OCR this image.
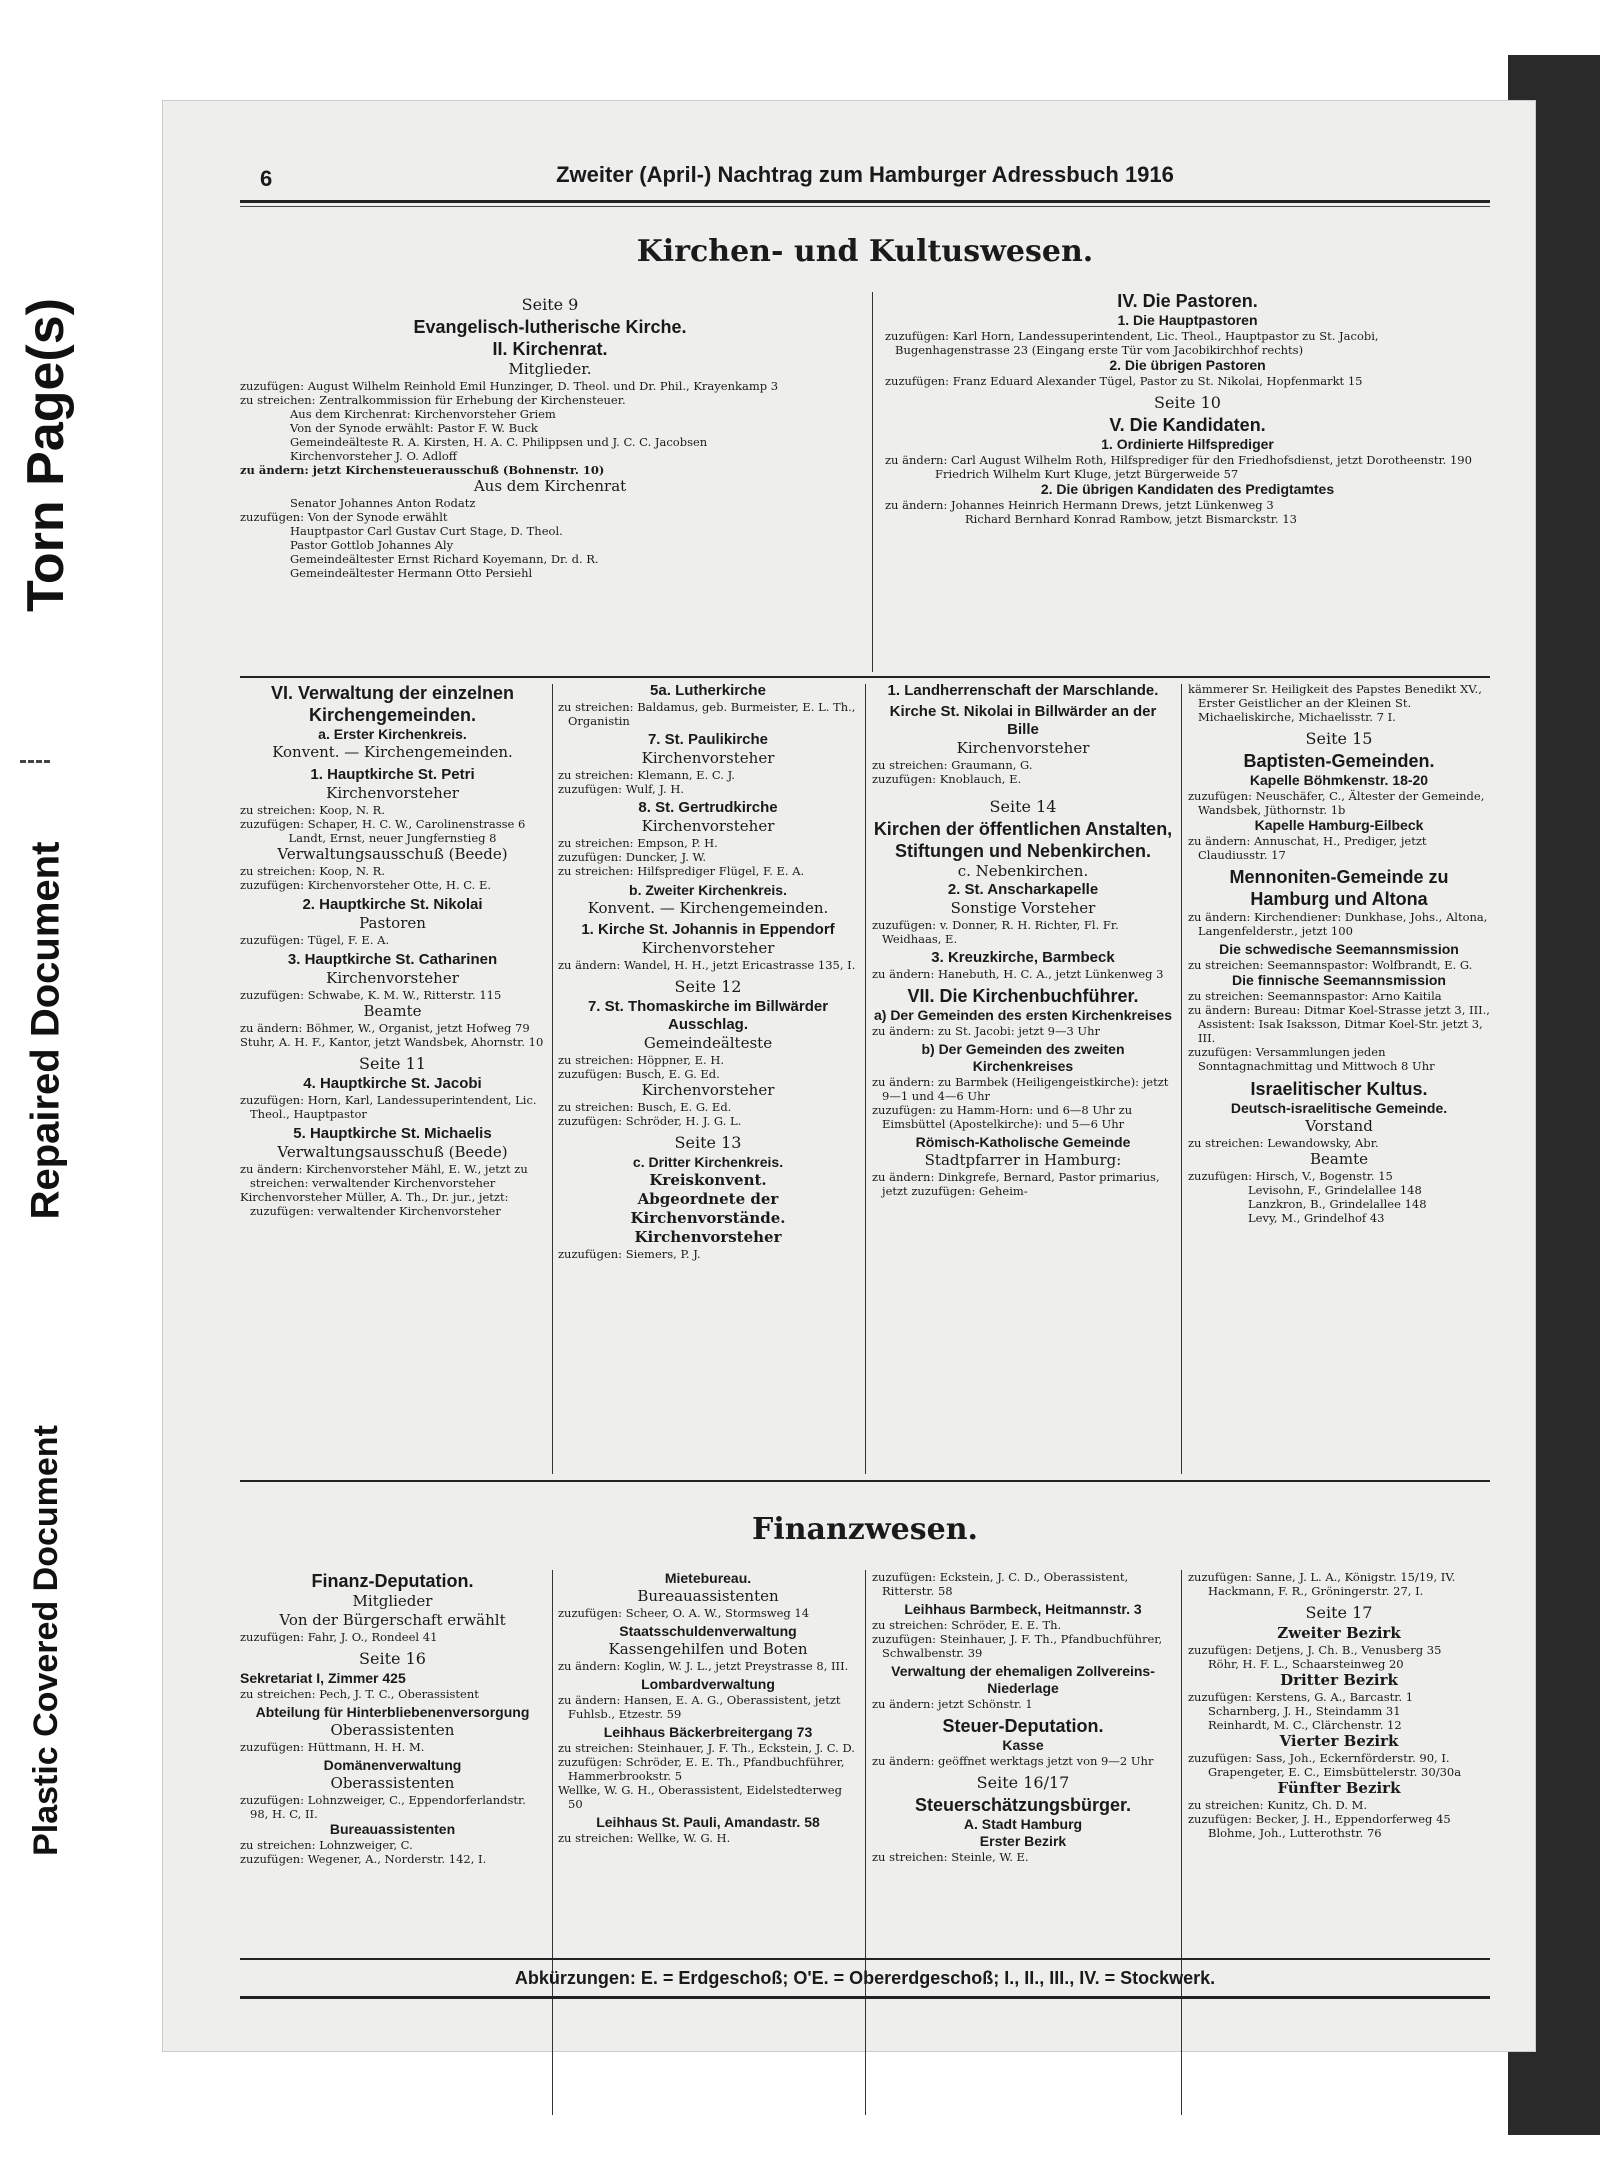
Torn Page(s)
Repaired Document
Plastic Covered Document
Zweiter (April-) Nachtrag zum Hamburger Adressbuch 1916
6
Kirchen- und Kultuswesen.
Seite 9
Evangelisch-lutherische Kirche.
II. Kirchenrat.
Mitglieder.

zuzufügen: August Wilhelm Reinhold Emil Hunzinger, D. Theol. und Dr. Phil., Krayenkamp 3

zu streichen: Zentralkommission für Erhebung der Kirchensteuer.

Aus dem Kirchenrat: Kirchenvorsteher Griem

Von der Synode erwählt: Pastor F. W. Buck

Gemeindeälteste R. A. Kirsten, H. A. C. Philippsen und J. C. C. Jacobsen

Kirchenvorsteher J. O. Adloff

zu ändern: jetzt Kirchensteuerausschuß (Bohnenstr. 10)

Aus dem Kirchenrat

Senator Johannes Anton Rodatz

zuzufügen: Von der Synode erwählt

Hauptpastor Carl Gustav Curt Stage, D. Theol.

Pastor Gottlob Johannes Aly

Gemeindeältester Ernst Richard Koyemann, Dr. d. R.

Gemeindeältester Hermann Otto Persiehl

IV. Die Pastoren.
1. Die Hauptpastoren

zuzufügen: Karl Horn, Landessuperintendent, Lic. Theol., Hauptpastor zu St. Jacobi, Bugenhagenstrasse 23 (Eingang erste Tür vom Jacobikirchhof rechts)

2. Die übrigen Pastoren

zuzufügen: Franz Eduard Alexander Tügel, Pastor zu St. Nikolai, Hopfenmarkt 15

Seite 10
V. Die Kandidaten.
1. Ordinierte Hilfsprediger

zu ändern: Carl August Wilhelm Roth, Hilfsprediger für den Friedhofsdienst, jetzt Dorotheenstr. 190

Friedrich Wilhelm Kurt Kluge, jetzt Bürgerweide 57

2. Die übrigen Kandidaten des Predigtamtes

zu ändern: Johannes Heinrich Hermann Drews, jetzt Lünkenweg 3

Richard Bernhard Konrad Rambow, jetzt Bismarckstr. 13

VI. Verwaltung der einzelnen Kirchengemeinden.
a. Erster Kirchenkreis.
Konvent. — Kirchengemeinden.
1. Hauptkirche St. Petri
Kirchenvorsteher

zu streichen: Koop, N. R.

zuzufügen: Schaper, H. C. W., Carolinenstrasse 6

Landt, Ernst, neuer Jungfernstieg 8

Verwaltungsausschuß (Beede)

zu streichen: Koop, N. R.

zuzufügen: Kirchenvorsteher Otte, H. C. E.

2. Hauptkirche St. Nikolai
Pastoren

zuzufügen: Tügel, F. E. A.

3. Hauptkirche St. Catharinen
Kirchenvorsteher

zuzufügen: Schwabe, K. M. W., Ritterstr. 115

Beamte

zu ändern: Böhmer, W., Organist, jetzt Hofweg 79

Stuhr, A. H. F., Kantor, jetzt Wandsbek, Ahornstr. 10

Seite 11
4. Hauptkirche St. Jacobi

zuzufügen: Horn, Karl, Landessuperintendent, Lic. Theol., Hauptpastor

5. Hauptkirche St. Michaelis
Verwaltungsausschuß (Beede)

zu ändern: Kirchenvorsteher Mähl, E. W., jetzt zu streichen: verwaltender Kirchenvorsteher

Kirchenvorsteher Müller, A. Th., Dr. jur., jetzt: zuzufügen: verwaltender Kirchenvorsteher

5a. Lutherkirche

zu streichen: Baldamus, geb. Burmeister, E. L. Th., Organistin

7. St. Paulikirche
Kirchenvorsteher

zu streichen: Klemann, E. C. J.

zuzufügen: Wulf, J. H.

8. St. Gertrudkirche
Kirchenvorsteher

zu streichen: Empson, P. H.

zuzufügen: Duncker, J. W.

zu streichen: Hilfsprediger Flügel, F. E. A.

b. Zweiter Kirchenkreis.
Konvent. — Kirchengemeinden.
1. Kirche St. Johannis in Eppendorf
Kirchenvorsteher

zu ändern: Wandel, H. H., jetzt Ericastrasse 135, I.

Seite 12
7. St. Thomaskirche im Billwärder Ausschlag.
Gemeindeälteste

zu streichen: Höppner, E. H.

zuzufügen: Busch, E. G. Ed.

Kirchenvorsteher

zu streichen: Busch, E. G. Ed.

zuzufügen: Schröder, H. J. G. L.

Seite 13
c. Dritter Kirchenkreis.
Kreiskonvent.
Abgeordnete der Kirchenvorstände.
Kirchenvorsteher

zuzufügen: Siemers, P. J.

1. Landherrenschaft der Marschlande.
Kirche St. Nikolai in Billwärder an der Bille
Kirchenvorsteher

zu streichen: Graumann, G.

zuzufügen: Knoblauch, E.

Seite 14
Kirchen der öffentlichen Anstalten, Stiftungen und Nebenkirchen.
c. Nebenkirchen.
2. St. Anscharkapelle
Sonstige Vorsteher

zuzufügen: v. Donner, R. H. Richter, Fl. Fr. Weidhaas, E.

3. Kreuzkirche, Barmbeck

zu ändern: Hanebuth, H. C. A., jetzt Lünkenweg 3

VII. Die Kirchenbuchführer.
a) Der Gemeinden des ersten Kirchenkreises

zu ändern: zu St. Jacobi: jetzt 9—3 Uhr

b) Der Gemeinden des zweiten Kirchenkreises

zu ändern: zu Barmbek (Heiligengeistkirche): jetzt 9—1 und 4—6 Uhr

zuzufügen: zu Hamm-Horn: und 6—8 Uhr zu Eimsbüttel (Apostelkirche): und 5—6 Uhr

Römisch-Katholische Gemeinde
Stadtpfarrer in Hamburg:

zu ändern: Dinkgrefe, Bernard, Pastor primarius, jetzt zuzufügen: Geheim-

kämmerer Sr. Heiligkeit des Papstes Benedikt XV., Erster Geistlicher an der Kleinen St. Michaeliskirche, Michaelisstr. 7 I.

Seite 15
Baptisten-Gemeinden.
Kapelle Böhmkenstr. 18-20

zuzufügen: Neuschäfer, C., Ältester der Gemeinde, Wandsbek, Jüthornstr. 1b

Kapelle Hamburg-Eilbeck

zu ändern: Annuschat, H., Prediger, jetzt Claudiusstr. 17

Mennoniten-Gemeinde zu Hamburg und Altona

zu ändern: Kirchendiener: Dunkhase, Johs., Altona, Langenfelderstr., jetzt 100

Die schwedische Seemannsmission

zu streichen: Seemannspastor: Wolfbrandt, E. G.

Die finnische Seemannsmission

zu streichen: Seemannspastor: Arno Kaitila

zu ändern: Bureau: Ditmar Koel-Strasse jetzt 3, III., Assistent: Isak Isaksson, Ditmar Koel-Str. jetzt 3, III.

zuzufügen: Versammlungen jeden Sonntagnachmittag und Mittwoch 8 Uhr

Israelitischer Kultus.
Deutsch-israelitische Gemeinde.
Vorstand

zu streichen: Lewandowsky, Abr.

Beamte

zuzufügen: Hirsch, V., Bogenstr. 15

Levisohn, F., Grindelallee 148

Lanzkron, B., Grindelallee 148

Levy, M., Grindelhof 43

Finanzwesen.
Finanz-Deputation.
Mitglieder
Von der Bürgerschaft erwählt

zuzufügen: Fahr, J. O., Rondeel 41

Seite 16
Sekretariat I, Zimmer 425

zu streichen: Pech, J. T. C., Oberassistent

Abteilung für Hinterbliebenenversorgung
Oberassistenten

zuzufügen: Hüttmann, H. H. M.

Domänenverwaltung
Oberassistenten

zuzufügen: Lohnzweiger, C., Eppendorferlandstr. 98, H. C, II.

Bureauassistenten

zu streichen: Lohnzweiger, C.

zuzufügen: Wegener, A., Norderstr. 142, I.

Mietebureau.
Bureauassistenten

zuzufügen: Scheer, O. A. W., Stormsweg 14

Staatsschuldenverwaltung
Kassengehilfen und Boten

zu ändern: Koglin, W. J. L., jetzt Preystrasse 8, III.

Lombardverwaltung

zu ändern: Hansen, E. A. G., Oberassistent, jetzt Fuhlsb., Etzestr. 59

Leihhaus Bäckerbreitergang 73

zu streichen: Steinhauer, J. F. Th., Eckstein, J. C. D.

zuzufügen: Schröder, E. E. Th., Pfandbuchführer, Hammerbrookstr. 5

Wellke, W. G. H., Oberassistent, Eidelstedterweg 50

Leihhaus St. Pauli, Amandastr. 58

zu streichen: Wellke, W. G. H.

zuzufügen: Eckstein, J. C. D., Oberassistent, Ritterstr. 58

Leihhaus Barmbeck, Heitmannstr. 3

zu streichen: Schröder, E. E. Th.

zuzufügen: Steinhauer, J. F. Th., Pfandbuchführer, Schwalbenstr. 39

Verwaltung der ehemaligen Zollvereins-Niederlage

zu ändern: jetzt Schönstr. 1

Steuer-Deputation.
Kasse

zu ändern: geöffnet werktags jetzt von 9—2 Uhr

Seite 16/17
Steuerschätzungsbürger.
A. Stadt Hamburg
Erster Bezirk

zu streichen: Steinle, W. E.

zuzufügen: Sanne, J. L. A., Königstr. 15/19, IV.

Hackmann, F. R., Gröningerstr. 27, I.

Seite 17
Zweiter Bezirk

zuzufügen: Detjens, J. Ch. B., Venusberg 35

Röhr, H. F. L., Schaarsteinweg 20

Dritter Bezirk

zuzufügen: Kerstens, G. A., Barcastr. 1

Scharnberg, J. H., Steindamm 31

Reinhardt, M. C., Clärchenstr. 12

Vierter Bezirk

zuzufügen: Sass, Joh., Eckernförderstr. 90, I.

Grapengeter, E. C., Eimsbüttelerstr. 30/30a

Fünfter Bezirk

zu streichen: Kunitz, Ch. D. M.

zuzufügen: Becker, J. H., Eppendorferweg 45

Blohme, Joh., Lutterothstr. 76

Abkürzungen: E. = Erdgeschoß; O'E. = Obererdgeschoß; I., II., III., IV. = Stockwerk.
